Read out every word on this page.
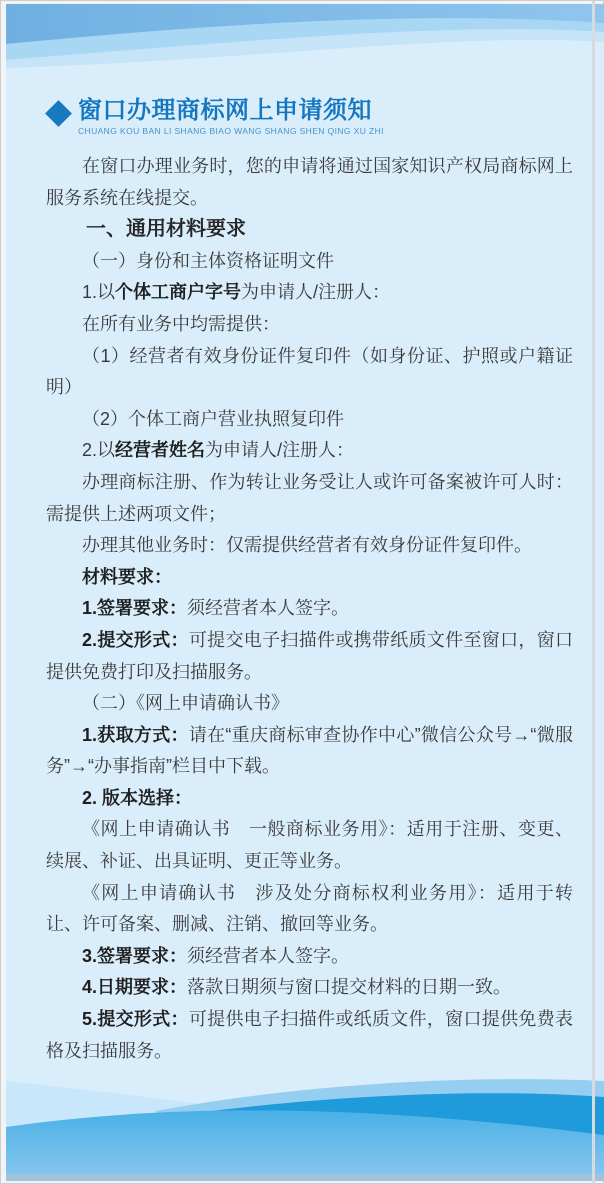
窗口办理商标网上申请须知
CHUANG KOU BAN LI SHANG BIAO WANG SHANG SHEN QING XU ZHI

在窗口办理业务时，您的申请将通过国家知识产权局商标网上服务系统在线提交。

一、通用材料要求

（一）身份和主体资格证明文件

1.以个体工商户字号为申请人/注册人：

在所有业务中均需提供：

（1）经营者有效身份证件复印件（如身份证、护照或户籍证明）

（2）个体工商户营业执照复印件

2.以经营者姓名为申请人/注册人：

办理商标注册、作为转让业务受让人或许可备案被许可人时：需提供上述两项文件；

办理其他业务时：仅需提供经营者有效身份证件复印件。

材料要求：

1.签署要求：须经营者本人签字。

2.提交形式：可提交电子扫描件或携带纸质文件至窗口，窗口提供免费打印及扫描服务。

（二）《网上申请确认书》

1.获取方式：请在“重庆商标审查协作中心”微信公众号→“微服务”→“办事指南”栏目中下载。

2. 版本选择：

《网上申请确认书　一般商标业务用》：适用于注册、变更、续展、补证、出具证明、更正等业务。

《网上申请确认书　涉及处分商标权利业务用》：适用于转让、许可备案、删减、注销、撤回等业务。

3.签署要求：须经营者本人签字。

4.日期要求：落款日期须与窗口提交材料的日期一致。

5.提交形式：可提供电子扫描件或纸质文件，窗口提供免费表格及扫描服务。
